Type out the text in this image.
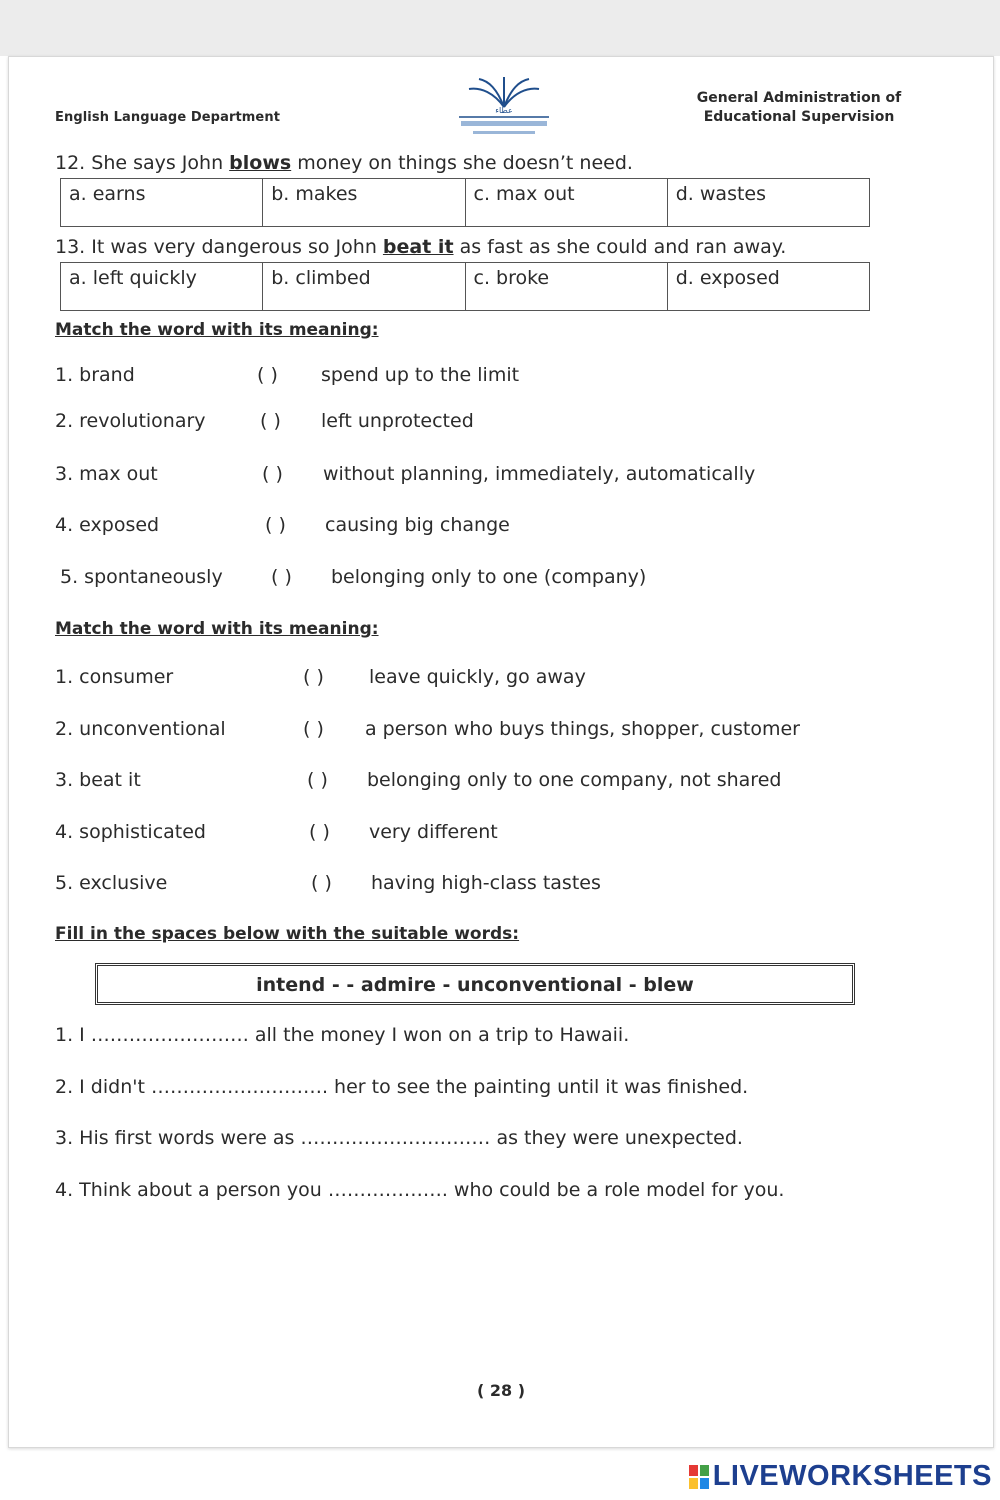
English Language Department	ﻋﻄﺎء
General Administration of
Educational Supervision
12. She says John blows money on things she doesn’t need.
a. earns	b. makes	c. max out	d. wastes
13. It was very dangerous so John beat it as fast as she could and ran away.
a. left quickly	b. climbed	c. broke	d. exposed
Match the word with its meaning:
1. brand	( ) spend up to the limit
2. revolutionary	( ) left unprotected
3. max out	( ) without planning, immediately, automatically
4. exposed	( ) causing big change
5. spontaneously	( ) belonging only to one (company)
Match the word with its meaning:
1. consumer	( ) leave quickly, go away
2. unconventional	( ) a person who buys things, shopper, customer
3. beat it	( ) belonging only to one company, not shared
4. sophisticated	( ) very different
5. exclusive	( ) having high-class tastes
Fill in the spaces below with the suitable words:
intend - - admire - unconventional - blew
1. I ……………………. all the money I won on a trip to Hawaii.
2. I didn't ………………………. her to see the painting until it was finished.
3. His first words were as ………………………… as they were unexpected.
4. Think about a person you ………………. who could be a role model for you.
( 28 )
LIVEWORKSHEETS
